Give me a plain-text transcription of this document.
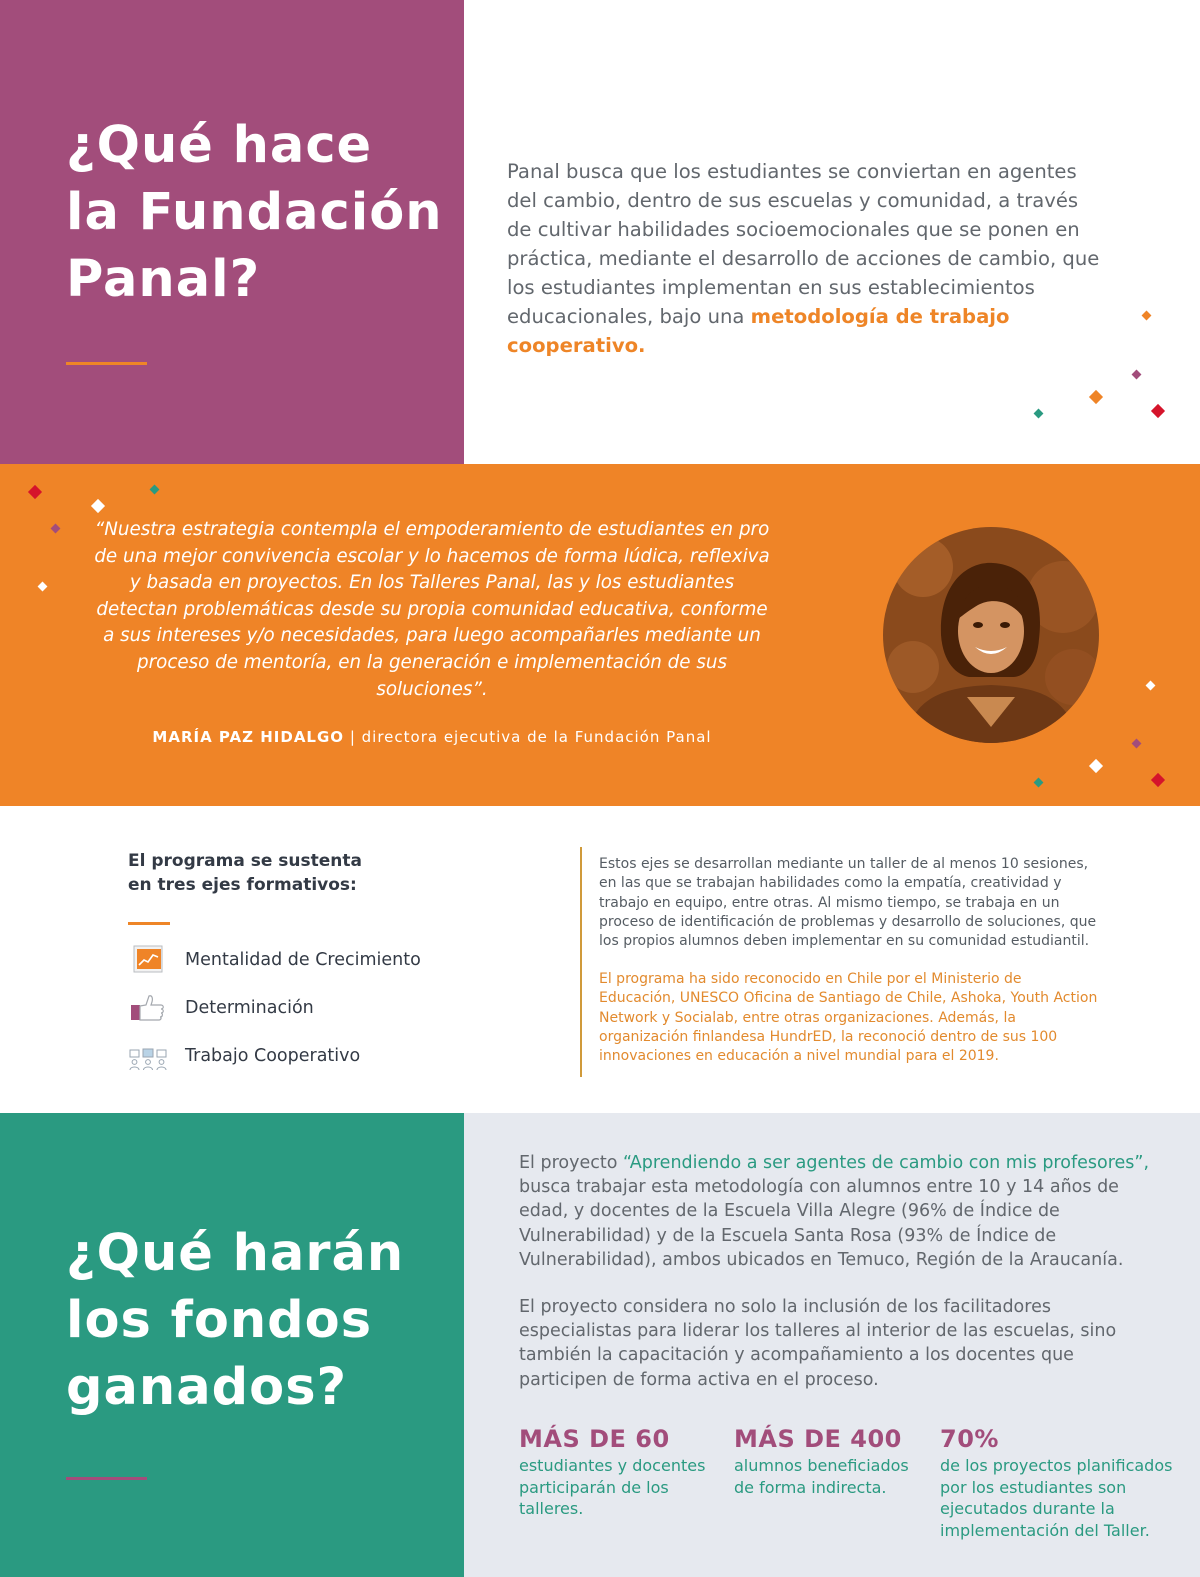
¿Qué hace
la Fundación
Panal?

Panal busca que los estudiantes se conviertan en agentes del cambio, dentro de sus escuelas y comunidad, a través de cultivar habilidades socioemocionales que se ponen en práctica, mediante el desarrollo de acciones de cambio, que los estudiantes implementan en sus establecimientos educacionales, bajo una metodología de trabajo cooperativo.

“Nuestra estrategia contempla el empoderamiento de estudiantes en pro de una mejor convivencia escolar y lo hacemos de forma lúdica, reflexiva y basada en proyectos. En los Talleres Panal, las y los estudiantes detectan problemáticas desde su propia comunidad educativa, conforme a sus intereses y/o necesidades, para luego acompañarles mediante un proceso de mentoría, en la generación e implementación de sus soluciones”.

MARÍA PAZ HIDALGO | directora ejecutiva de la Fundación Panal
El programa se sustenta
en tres ejes formativos:
Mentalidad de Crecimiento
Determinación
Trabajo Cooperativo

Estos ejes se desarrollan mediante un taller de al menos 10 sesiones, en las que se trabajan habilidades como la empatía, creatividad y trabajo en equipo, entre otras. Al mismo tiempo, se trabaja en un proceso de identificación de problemas y desarrollo de soluciones, que los propios alumnos deben implementar en su comunidad estudiantil.

El programa ha sido reconocido en Chile por el Ministerio de Educación, UNESCO Oficina de Santiago de Chile, Ashoka, Youth Action Network y Socialab, entre otras organizaciones. Además, la organización finlandesa HundrED, la reconoció dentro de sus 100 innovaciones en educación a nivel mundial para el 2019.

¿Qué harán
los fondos
ganados?

El proyecto “Aprendiendo a ser agentes de cambio con mis profesores”, busca trabajar esta metodología con alumnos entre 10 y 14 años de edad, y docentes de la Escuela Villa Alegre (96% de Índice de Vulnerabilidad) y de la Escuela Santa Rosa (93% de Índice de Vulnerabilidad), ambos ubicados en Temuco, Región de la Araucanía.

El proyecto considera no solo la inclusión de los facilitadores especialistas para liderar los talleres al interior de las escuelas, sino también la capacitación y acompañamiento a los docentes que participen de forma activa en el proceso.

MÁS DE 60
estudiantes y docentes participarán de los talleres.
MÁS DE 400
alumnos beneficiados de forma indirecta.
70%
de los proyectos planificados por los estudiantes son ejecutados durante la implementación del Taller.
